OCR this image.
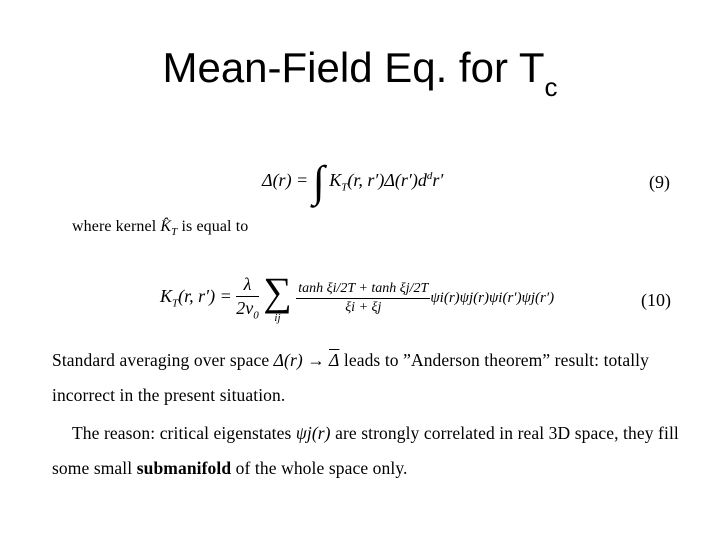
Mean-Field Eq. for $T_c$
Δ(r) = ∫ $K_T(r$, $r')\Delta(r')d^dr'$	(9)
where kernel $K̂_T$ is equal to
$K_T(r$, $r') = \frac{\lambda}{2\nu_0}$ ∑
ij

$\frac{\text{tanh ξi/2T + tanh ξj/2T}}{\xi i + \xi j} \psi i(r)\psi j(r)\psi i(r')\psi j(r')$	(10)
Standard averaging over space $\Delta(r) \to \overline{\Delta}$ leads to ”Anderson theorem” result: totally
incorrect in the present situation.
The reason: critical eigenstates ψj(r) are strongly correlated in real 3D space, they fill
some small submanifold of the whole space only.
